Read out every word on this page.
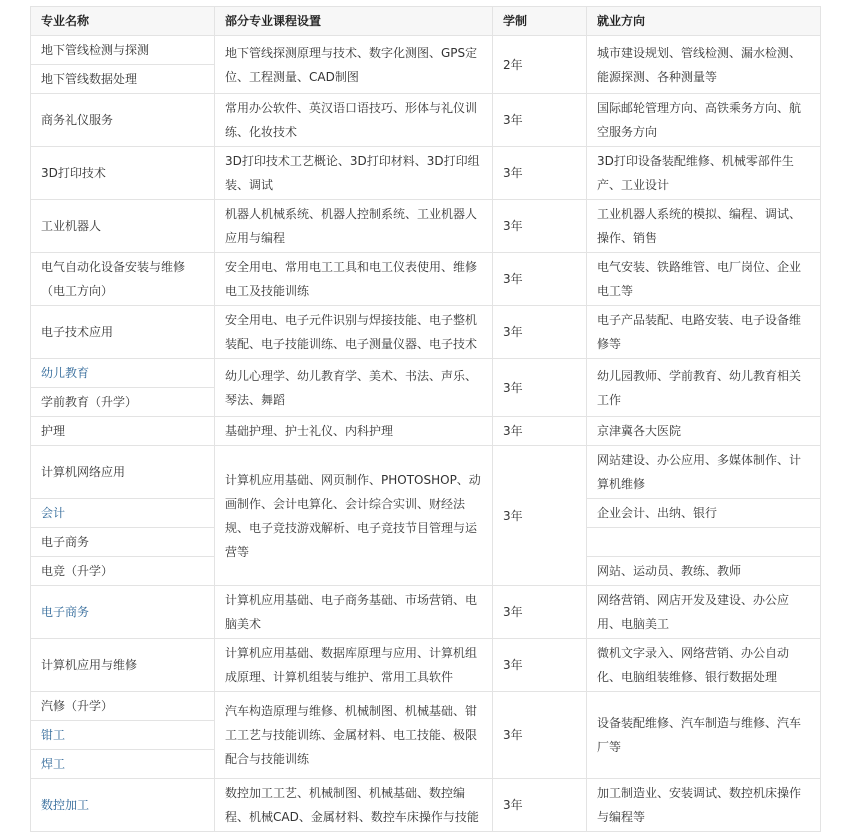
专业名称	部分专业课程设置	学制	就业方向
地下管线检测与探测	地下管线探测原理与技术、数字化测图、GPS定位、工程测量、CAD制图	2年	城市建设规划、管线检测、漏水检测、能源探测、各种测量等
地下管线数据处理			
商务礼仪服务	常用办公软件、英汉语口语技巧、形体与礼仪训练、化妆技术	3年	国际邮轮管理方向、高铁乘务方向、航空服务方向
3D打印技术	3D打印技术工艺概论、3D打印材料、3D打印组装、调试	3年	3D打印设备装配维修、机械零部件生产、工业设计
工业机器人	机器人机械系统、机器人控制系统、工业机器人应用与编程	3年	工业机器人系统的模拟、编程、调试、操作、销售
电气自动化设备安装与维修（电工方向）	安全用电、常用电工工具和电工仪表使用、维修电工及技能训练	3年	电气安装、铁路维管、电厂岗位、企业电工等
电子技术应用	安全用电、电子元件识别与焊接技能、电子整机装配、电子技能训练、电子测量仪器、电子技术	3年	电子产品装配、电路安装、电子设备维修等
幼儿教育	幼儿心理学、幼儿教育学、美术、书法、声乐、琴法、舞蹈	3年	幼儿园教师、学前教育、幼儿教育相关工作
学前教育（升学）			
护理	基础护理、护士礼仪、内科护理	3年	京津冀各大医院
计算机网络应用	计算机应用基础、网页制作、PHOTOSHOP、动画制作、会计电算化、会计综合实训、财经法规、电子竞技游戏解析、电子竞技节目管理与运营等	3年	网站建设、办公应用、多媒体制作、计算机维修
会计			企业会计、出纳、银行
电子商务			
电竞（升学）			网站、运动员、教练、教师
电子商务	计算机应用基础、电子商务基础、市场营销、电脑美术	3年	网络营销、网店开发及建设、办公应用、电脑美工
计算机应用与维修	计算机应用基础、数据库原理与应用、计算机组成原理、计算机组装与维护、常用工具软件	3年	微机文字录入、网络营销、办公自动化、电脑组装维修、银行数据处理
汽修（升学）	汽车构造原理与维修、机械制图、机械基础、钳工工艺与技能训练、金属材料、电工技能、极限配合与技能训练	3年	设备装配维修、汽车制造与维修、汽车厂等
钳工			
焊工			
数控加工	数控加工工艺、机械制图、机械基础、数控编程、机械CAD、金属材料、数控车床操作与技能	3年	加工制造业、安装调试、数控机床操作与编程等
